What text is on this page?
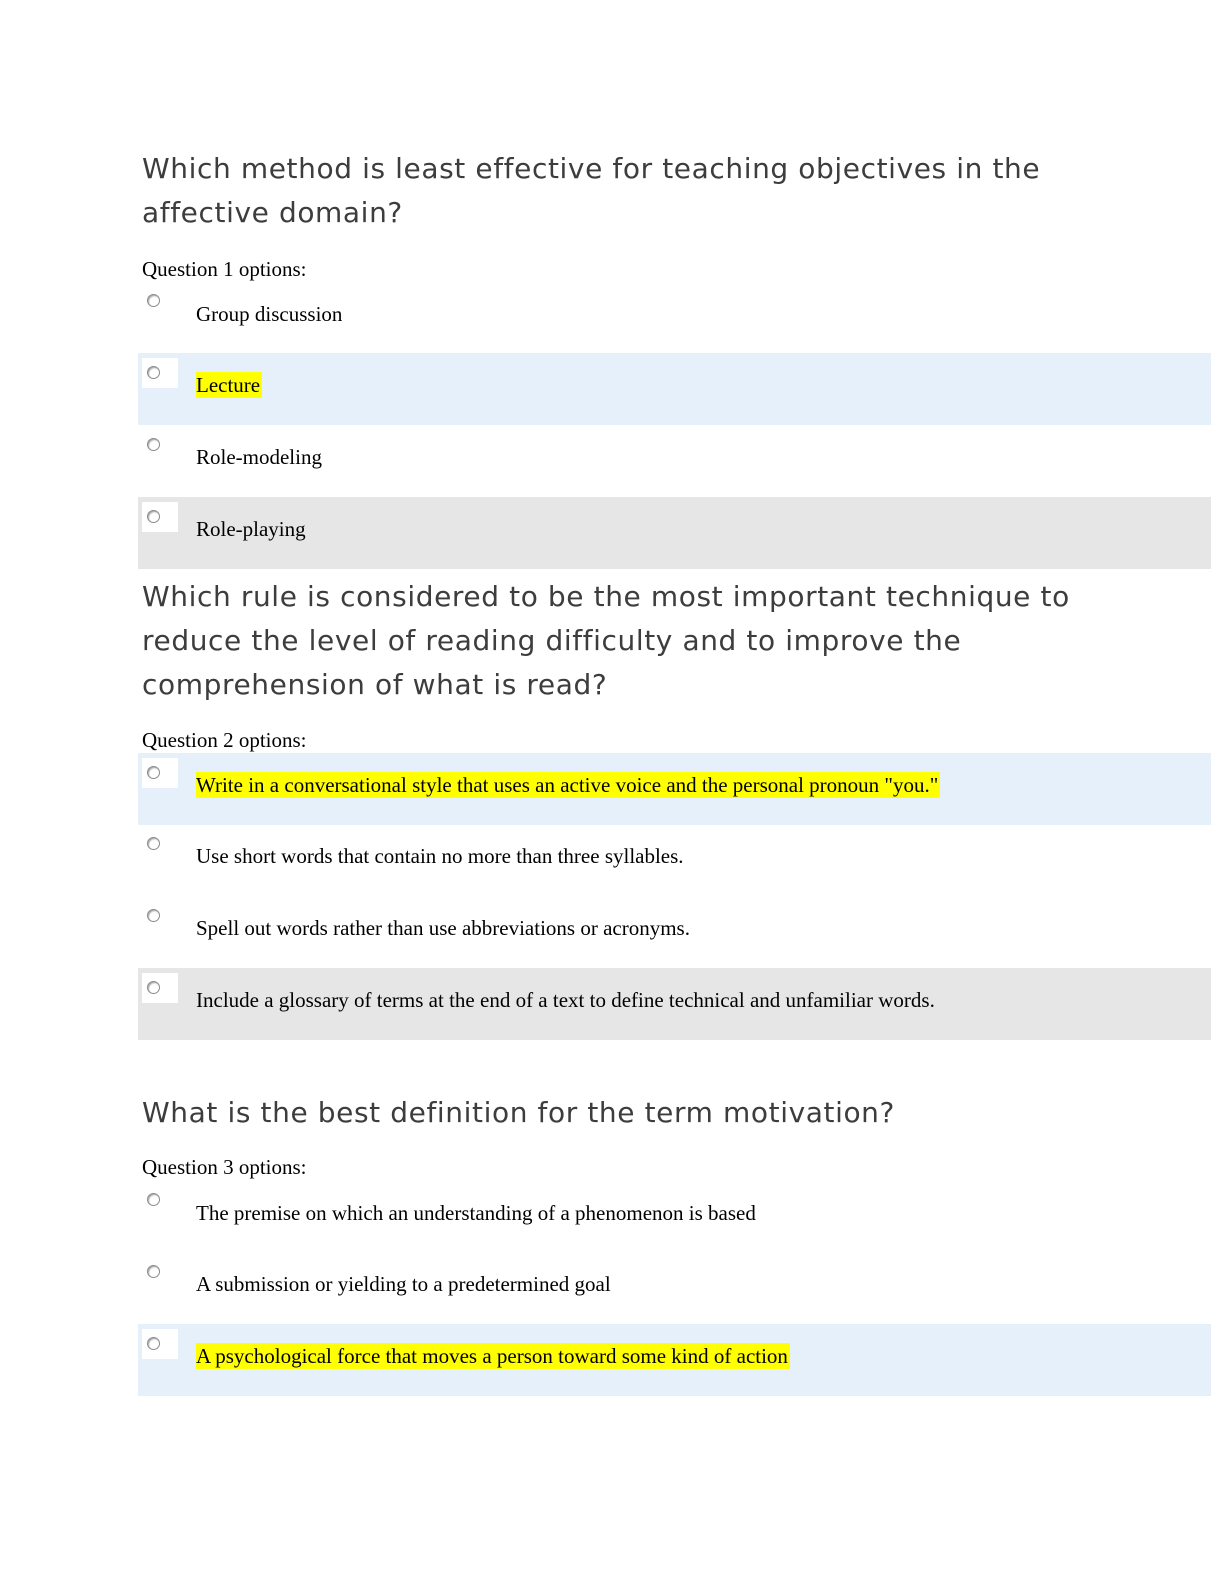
Which method is least effective for teaching objectives in the affective domain?
Question 1 options:
Group discussion
Lecture
Role-modeling
Role-playing
Which rule is considered to be the most important technique to reduce the level of reading difficulty and to improve the comprehension of what is read?
Question 2 options:
Write in a conversational style that uses an active voice and the personal pronoun "you."
Use short words that contain no more than three syllables.
Spell out words rather than use abbreviations or acronyms.
Include a glossary of terms at the end of a text to define technical and unfamiliar words.
What is the best definition for the term motivation?
Question 3 options:
The premise on which an understanding of a phenomenon is based
A submission or yielding to a predetermined goal
A psychological force that moves a person toward some kind of action
